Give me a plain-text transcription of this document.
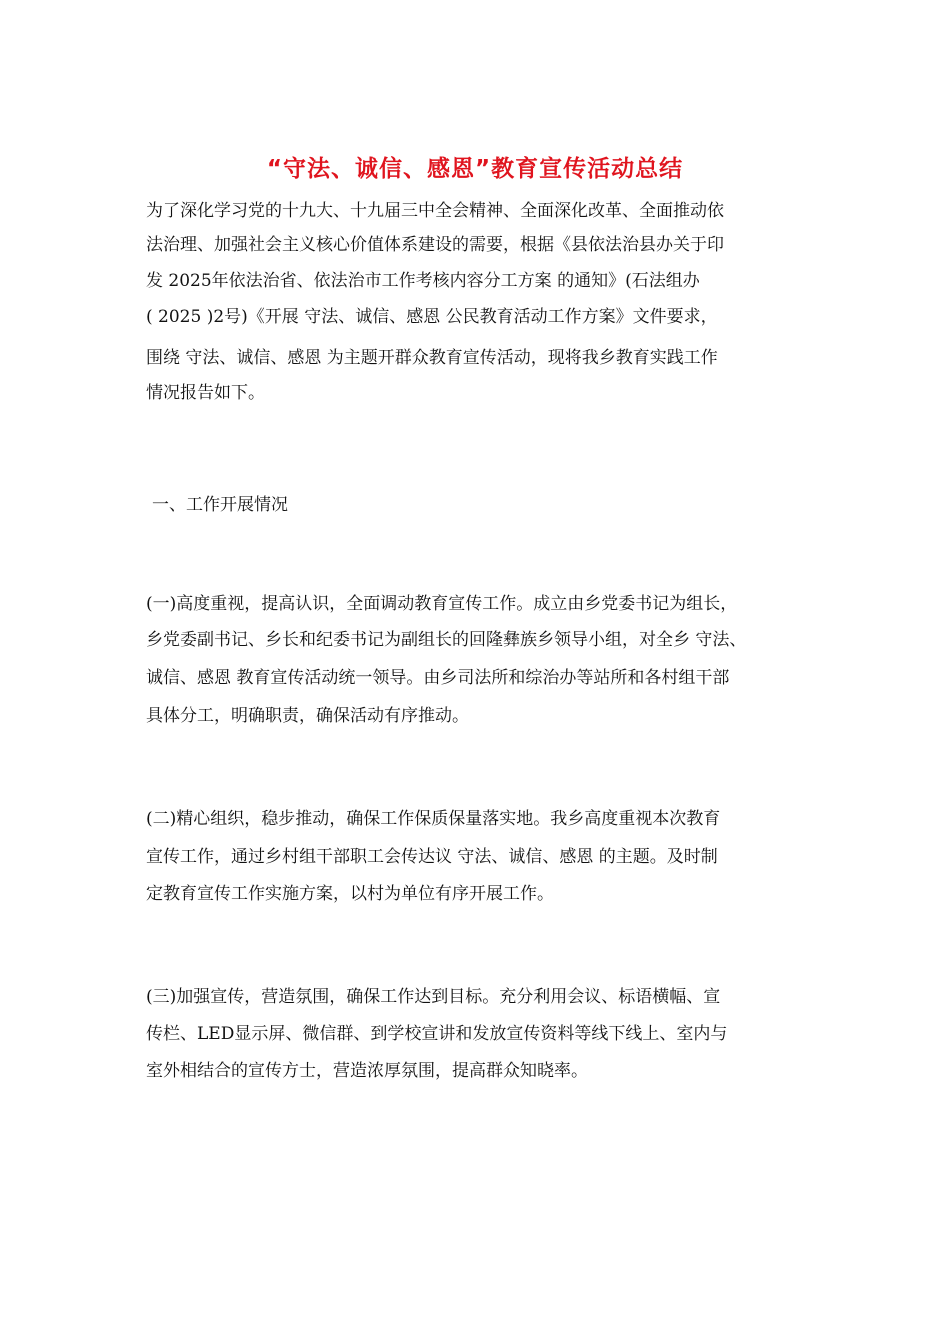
“守法、诚信、感恩”教育宣传活动总结
为了深化学习党的十九大、十九届三中全会精神、全面深化改革、全面推动依
法治理、加强社会主义核心价值体系建设的需要，根据《县依法治县办关于印
发 2025年依法治省、依法治市工作考核内容分工方案 的通知》(石法组办
( 2025 )2号)《开展 守法、诚信、感恩 公民教育活动工作方案》文件要求，
围绕 守法、诚信、感恩 为主题开群众教育宣传活动，现将我乡教育实践工作
情况报告如下。
一、工作开展情况
(一)高度重视，提高认识，全面调动教育宣传工作。成立由乡党委书记为组长，
乡党委副书记、乡长和纪委书记为副组长的回隆彝族乡领导小组，对全乡 守法、
诚信、感恩 教育宣传活动统一领导。由乡司法所和综治办等站所和各村组干部
具体分工，明确职责，确保活动有序推动。
(二)精心组织，稳步推动，确保工作保质保量落实地。我乡高度重视本次教育
宣传工作，通过乡村组干部职工会传达议 守法、诚信、感恩 的主题。及时制
定教育宣传工作实施方案，以村为单位有序开展工作。
(三)加强宣传，营造氛围，确保工作达到目标。充分利用会议、标语横幅、宣
传栏、LED显示屏、微信群、到学校宣讲和发放宣传资料等线下线上、室内与
室外相结合的宣传方士，营造浓厚氛围，提高群众知晓率。
